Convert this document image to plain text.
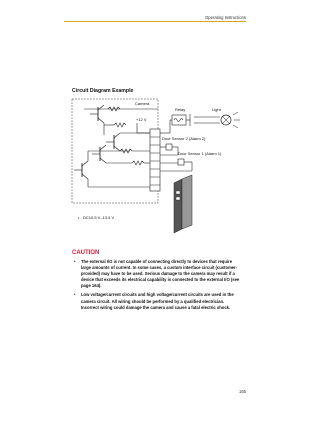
Operating Instructions
Circuit Diagram Example
Camera
+12 V
Relay	Light
Door Sensor 2 (Alarm 2)
Door Sensor 1 (Alarm 1)
• DC10.5 V–13.5 V
CAUTION
• The external I/O is not capable of connecting directly to devices that require large amounts of current. In some cases, a custom interface circuit (customer-provided) may have to be used. Serious damage to the camera may result if a device that exceeds its electrical capability is connected to the external I/O (see page 164).
• Low voltage/current circuits and high voltage/current circuits are used in the camera circuit. All wiring should be performed by a qualified electrician. Incorrect wiring could damage the camera and cause a fatal electric shock.
165
